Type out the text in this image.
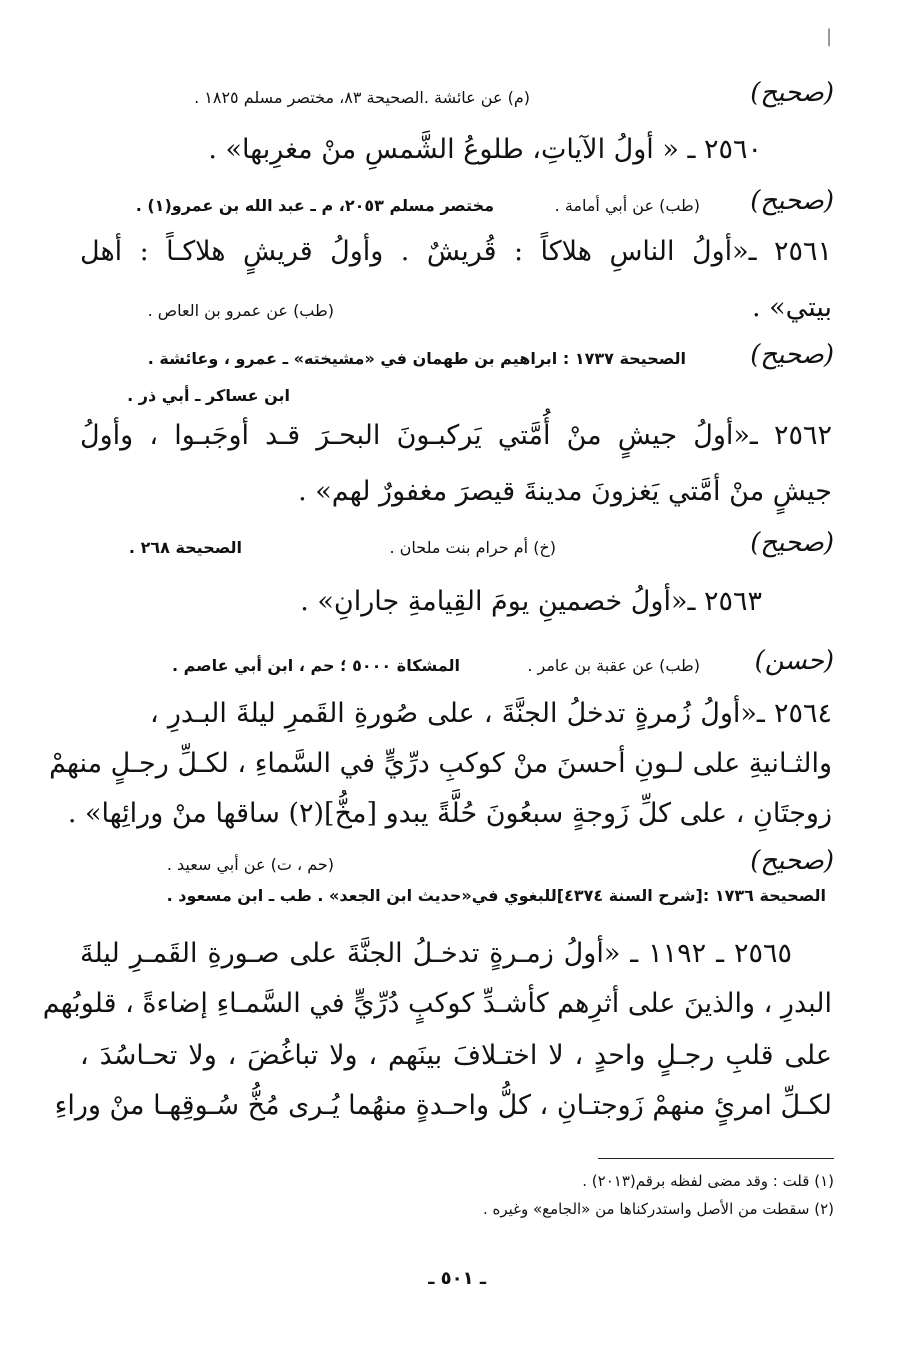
|
(صحيح)
(م) عن عائشة .الصحيحة ٨٣، مختصر مسلم ١٨٢٥ .
٢٥٦٠ ـ « أولُ الآياتِ، طلوعُ الشَّمسِ منْ مغرِبها» .
(صحيح)
(طب) عن أبي أمامة .
مختصر مسلم ٢٠٥٣، م ـ عبد الله بن عمرو(١) .
٢٥٦١ ـ«أولُ الناسِ هلاكاً : قُريشٌ . وأولُ قريشٍ هلاكـاً : أهل
بيتي» .
(طب) عن عمرو بن العاص .
(صحيح)
الصحيحة ١٧٣٧ : ابراهيم بن طهمان في «مشيخته» ـ عمرو ، وعائشة .
ابن عساكر ـ أبي ذر .
٢٥٦٢ ـ«أولُ جيشٍ منْ أُمَّتي يَركبـونَ البحـرَ قـد أوجَبـوا ، وأولُ
جيشٍ منْ أمَّتي يَغزونَ مدينةَ قيصرَ مغفورٌ لهم» .
(صحيح)
(خ) أم حرام بنت ملحان .
الصحيحة ٢٦٨ .
٢٥٦٣ ـ«أولُ خصمينِ يومَ القِيامةِ جارانِ» .
(حسن)
(طب) عن عقبة بن عامر .
المشكاة ٥٠٠٠ ؛ حم ، ابن أبي عاصم .
٢٥٦٤ ـ«أولُ زُمرةٍ تدخلُ الجنَّةَ ، على صُورةِ القَمرِ ليلةَ البـدرِ ،
والثـانيةِ على لـونِ أحسنَ منْ كوكبِ درِّيٍّ في السَّماءِ ، لكـلِّ رجـلٍ منهمْ
زوجتَانِ ، على كلِّ زَوجةٍ سبعُونَ حُلَّةً يبدو [مخُّ](٢) ساقها منْ ورائِها» .
(صحيح)
(حم ، ت) عن أبي سعيد .
الصحيحة ١٧٣٦ :[شرح السنة ٤٣٧٤]للبغوي في«حديث ابن الجعد» . طب ـ ابن مسعود .
٢٥٦٥ ـ ١١٩٢ ـ «أولُ زمـرةٍ تدخـلُ الجنَّةَ على صـورةِ القَمـرِ ليلةَ
البدرِ ، والذينَ على أثرِهم كأشـدِّ كوكبٍ دُرِّيٍّ في السَّمـاءِ إضاءةً ، قلوبُهم
على قلبِ رجـلٍ واحدٍ ، لا اختـلافَ بينَهم ، ولا تباغُضَ ، ولا تحـاسُدَ ،
لكـلِّ امرئٍ منهمْ زَوجتـانِ ، كلُّ واحـدةٍ منهُما يُـرى مُخُّ سُـوقِهـا منْ وراءِ
(١) قلت : وقد مضى لفظه برقم(٢٠١٣) .
(٢) سقطت من الأصل واستدركناها من «الجامع» وغيره .
ـ ٥٠١ ـ
